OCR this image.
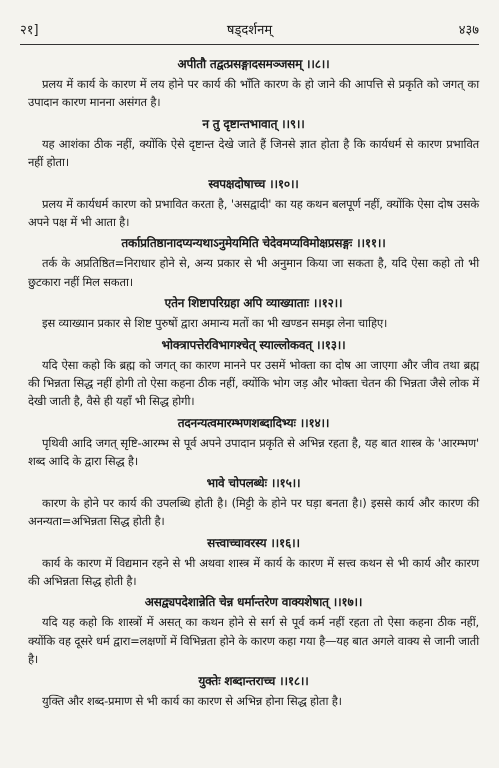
२१]	षड्दर्शनम्	४३७
अपीतौ तद्वत्प्रसङ्गादसमञ्जसम् ।।८।।

प्रलय में कार्य के कारण में लय होने पर कार्य की भाँति कारण के हो जाने की आपत्ति से प्रकृति को जगत् का उपादान कारण मानना असंगत है।

न तु दृष्टान्तभावात् ।।९।।

यह आशंका ठीक नहीं, क्योंकि ऐसे दृष्टान्त देखे जाते हैं जिनसे ज्ञात होता है कि कार्यधर्म से कारण प्रभावित नहीं होता।

स्वपक्षदोषाच्च ।।१०।।

प्रलय में कार्यधर्म कारण को प्रभावित करता है, 'असद्वादी' का यह कथन बलपूर्ण नहीं, क्योंकि ऐसा दोष उसके अपने पक्ष में भी आता है।

तर्काप्रतिष्ठानादप्यन्यथाऽनुमेयमिति चेदेवमप्यविमोक्षप्रसङ्गः ।।११।।

तर्क के अप्रतिष्ठित=निराधार होने से, अन्य प्रकार से भी अनुमान किया जा सकता है, यदि ऐसा कहो तो भी छुटकारा नहीं मिल सकता।

एतेन शिष्टापरिग्रहा अपि व्याख्याताः ।।१२।।

इस व्याख्यान प्रकार से शिष्ट पुरुषों द्वारा अमान्य मतों का भी खण्डन समझ लेना चाहिए।

भोक्त्रापत्तेरविभागश्चेत् स्याल्लोकवत् ।।१३।।

यदि ऐसा कहो कि ब्रह्म को जगत् का कारण मानने पर उसमें भोक्ता का दोष आ जाएगा और जीव तथा ब्रह्म की भिन्नता सिद्ध नहीं होगी तो ऐसा कहना ठीक नहीं, क्योंकि भोग जड़ और भोक्ता चेतन की भिन्नता जैसे लोक में देखी जाती है, वैसे ही यहाँ भी सिद्ध होगी।

तदनन्यत्वमारम्भणशब्दादिभ्यः ।।१४।।

पृथिवी आदि जगत् सृष्टि-आरम्भ से पूर्व अपने उपादान प्रकृति से अभिन्न रहता है, यह बात शास्त्र के 'आरम्भण' शब्द आदि के द्वारा सिद्ध है।

भावे चोपलब्धेः ।।१५।।

कारण के होने पर कार्य की उपलब्धि होती है। (मिट्टी के होने पर घड़ा बनता है।) इससे कार्य और कारण की अनन्यता=अभिन्नता सिद्ध होती है।

सत्त्वाच्चावरस्य ।।१६।।

कार्य के कारण में विद्यमान रहने से भी अथवा शास्त्र में कार्य के कारण में सत्त्व कथन से भी कार्य और कारण की अभिन्नता सिद्ध होती है।

असद्व्यपदेशान्नेति चेन्न धर्मान्तरेण वाक्यशेषात् ।।१७।।

यदि यह कहो कि शास्त्रों में असत् का कथन होने से सर्ग से पूर्व कर्म नहीं रहता तो ऐसा कहना ठीक नहीं, क्योंकि वह दूसरे धर्म द्वारा=लक्षणों में विभिन्नता होने के कारण कहा गया है—यह बात अगले वाक्य से जानी जाती है।

युक्तेः शब्दान्तराच्च ।।१८।।

युक्ति और शब्द-प्रमाण से भी कार्य का कारण से अभिन्न होना सिद्ध होता है।
